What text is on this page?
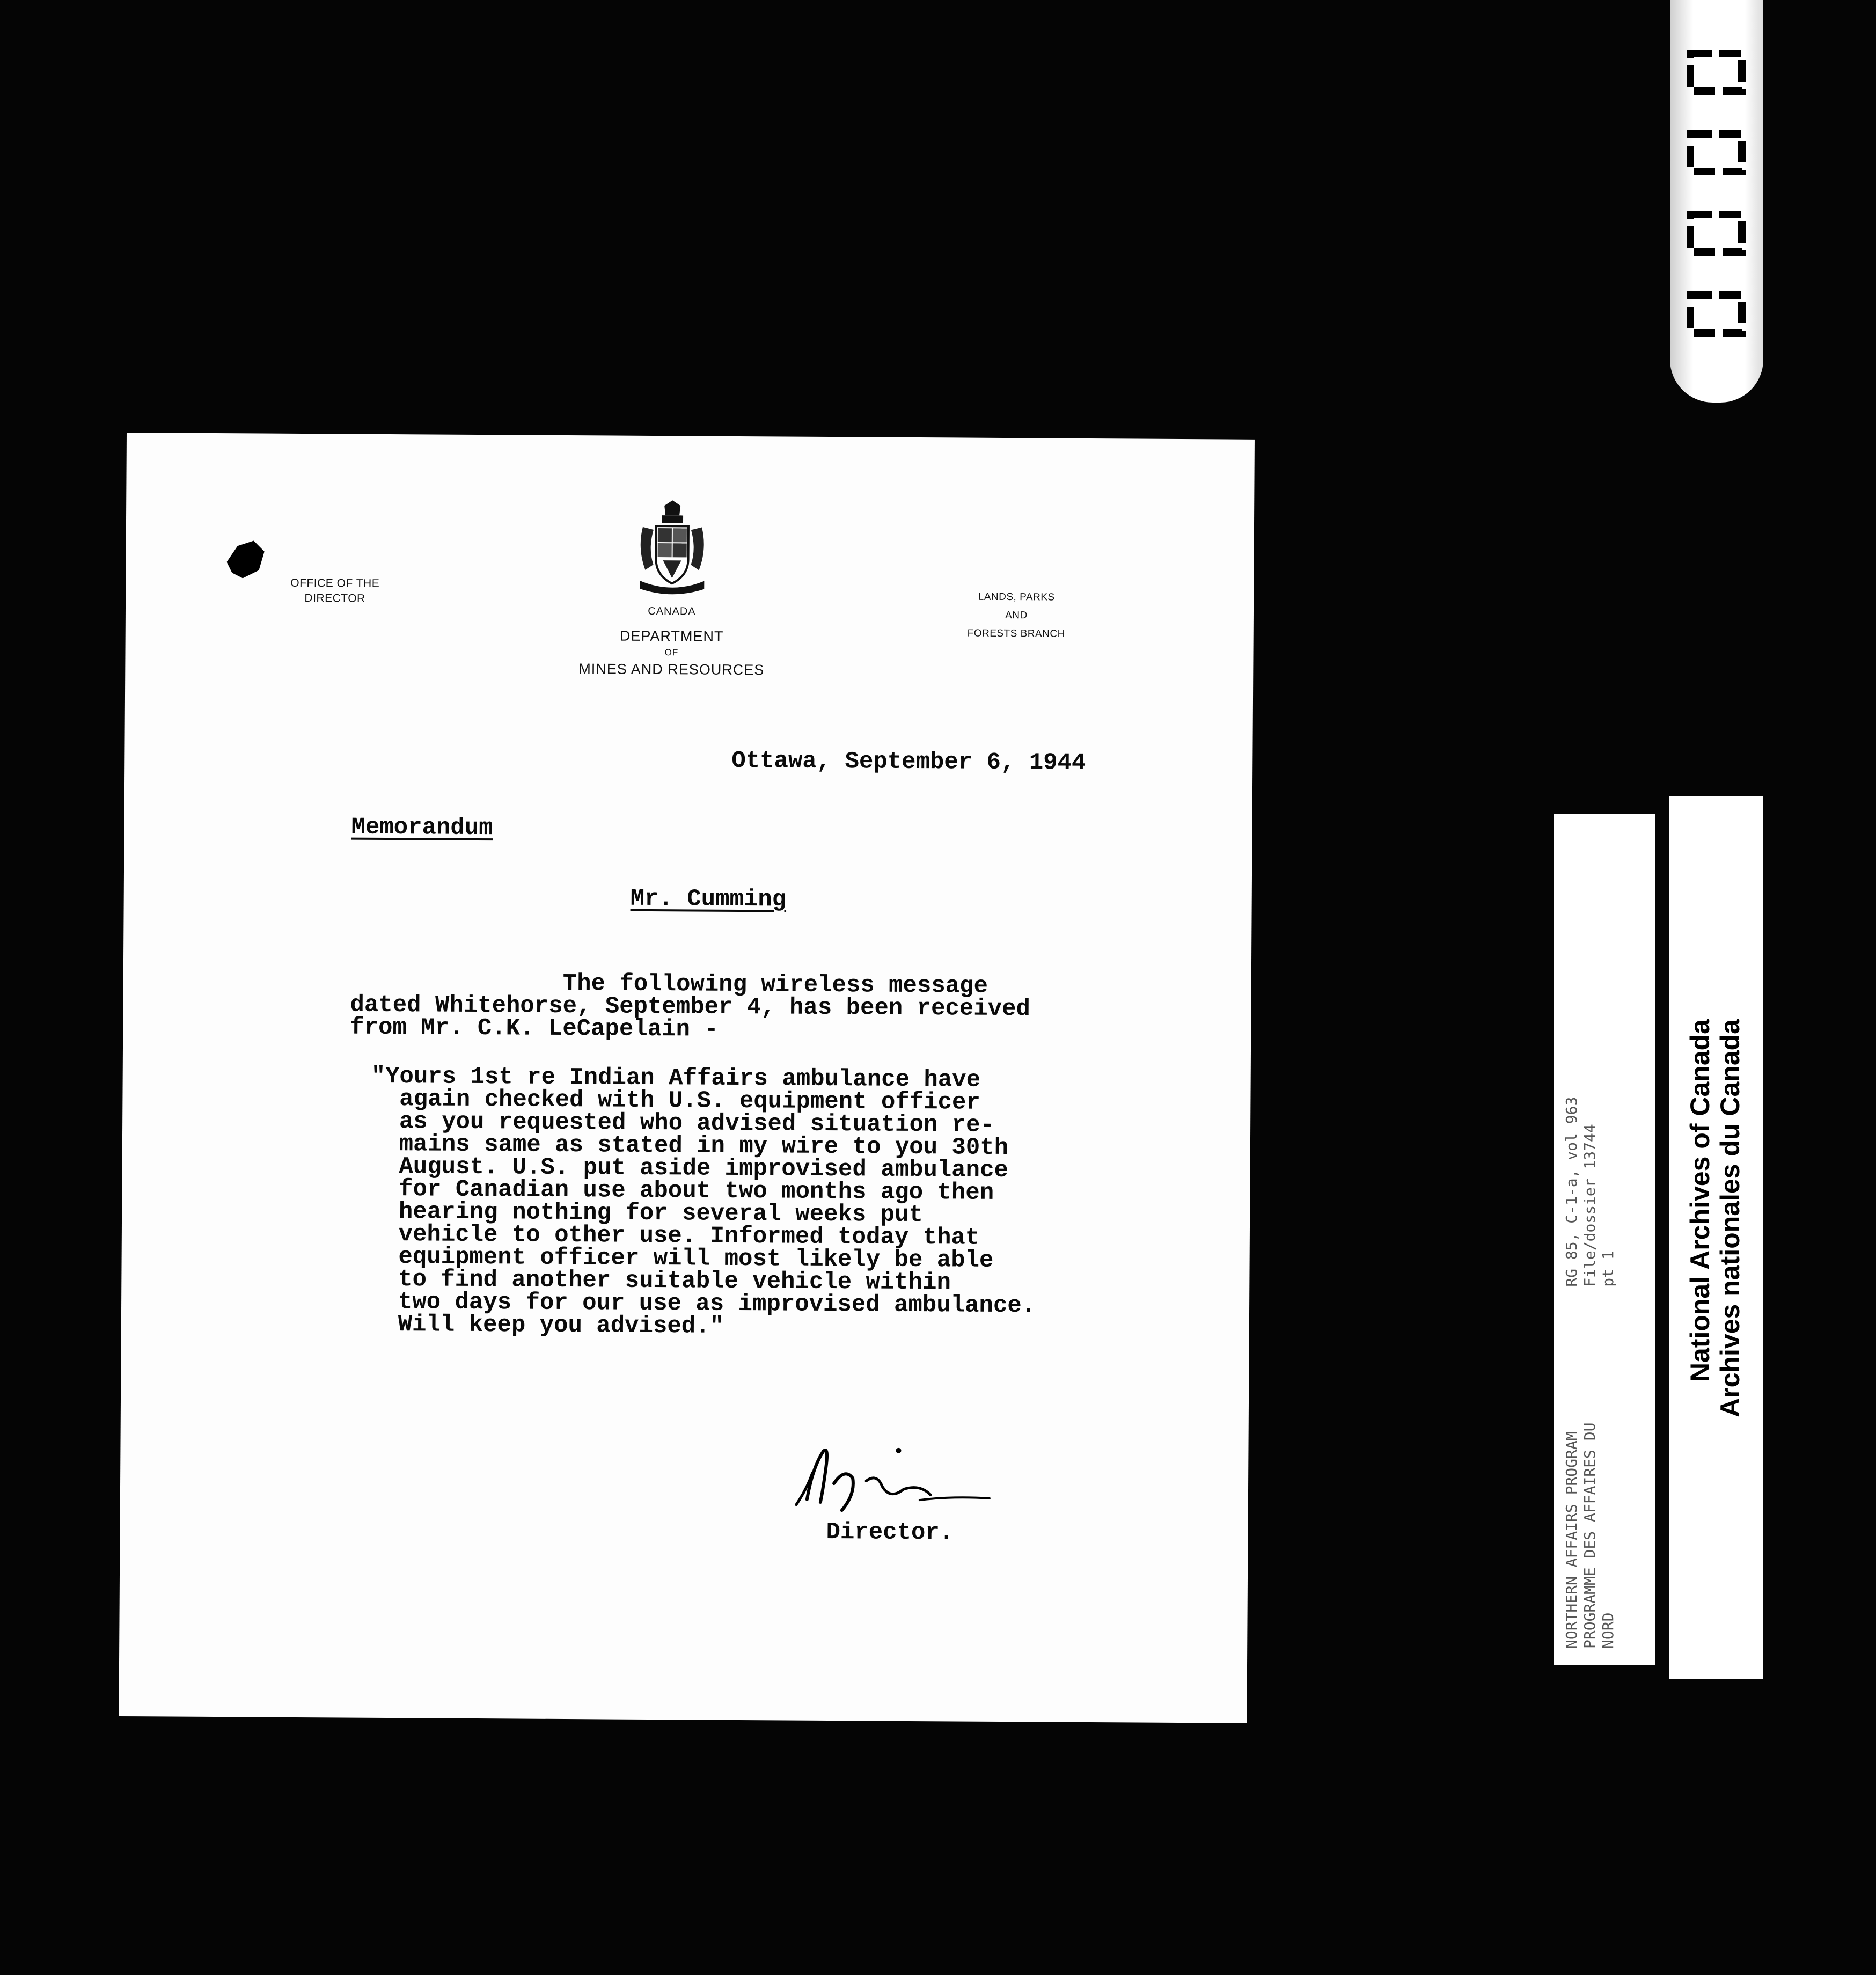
OFFICE OF THE
DIRECTOR
CANADA
DEPARTMENT
OF
MINES AND RESOURCES
LANDS, PARKS
AND
FORESTS BRANCH
Ottawa, September 6, 1944
Memorandum
Mr. Cumming
The following wireless message
dated Whitehorse, September 4, has been received
from Mr. C.K. LeCapelain -
"Yours 1st re Indian Affairs ambulance have
again checked with U.S. equipment officer
as you requested who advised situation re-
mains same as stated in my wire to you 30th
August. U.S. put aside improvised ambulance
for Canadian use about two months ago then
hearing nothing for several weeks put
vehicle to other use. Informed today that
equipment officer will most likely be able
to find another suitable vehicle within
two days for our use as improvised ambulance.
Will keep you advised."
Director.
NORTHERN AFFAIRS PROGRAM                RG 85, C-1-a, vol 963
PROGRAMME DES AFFAIRES DU               File/dossier 13744
NORD                                    pt 1	National Archives of Canada Archives nationales du Canada
